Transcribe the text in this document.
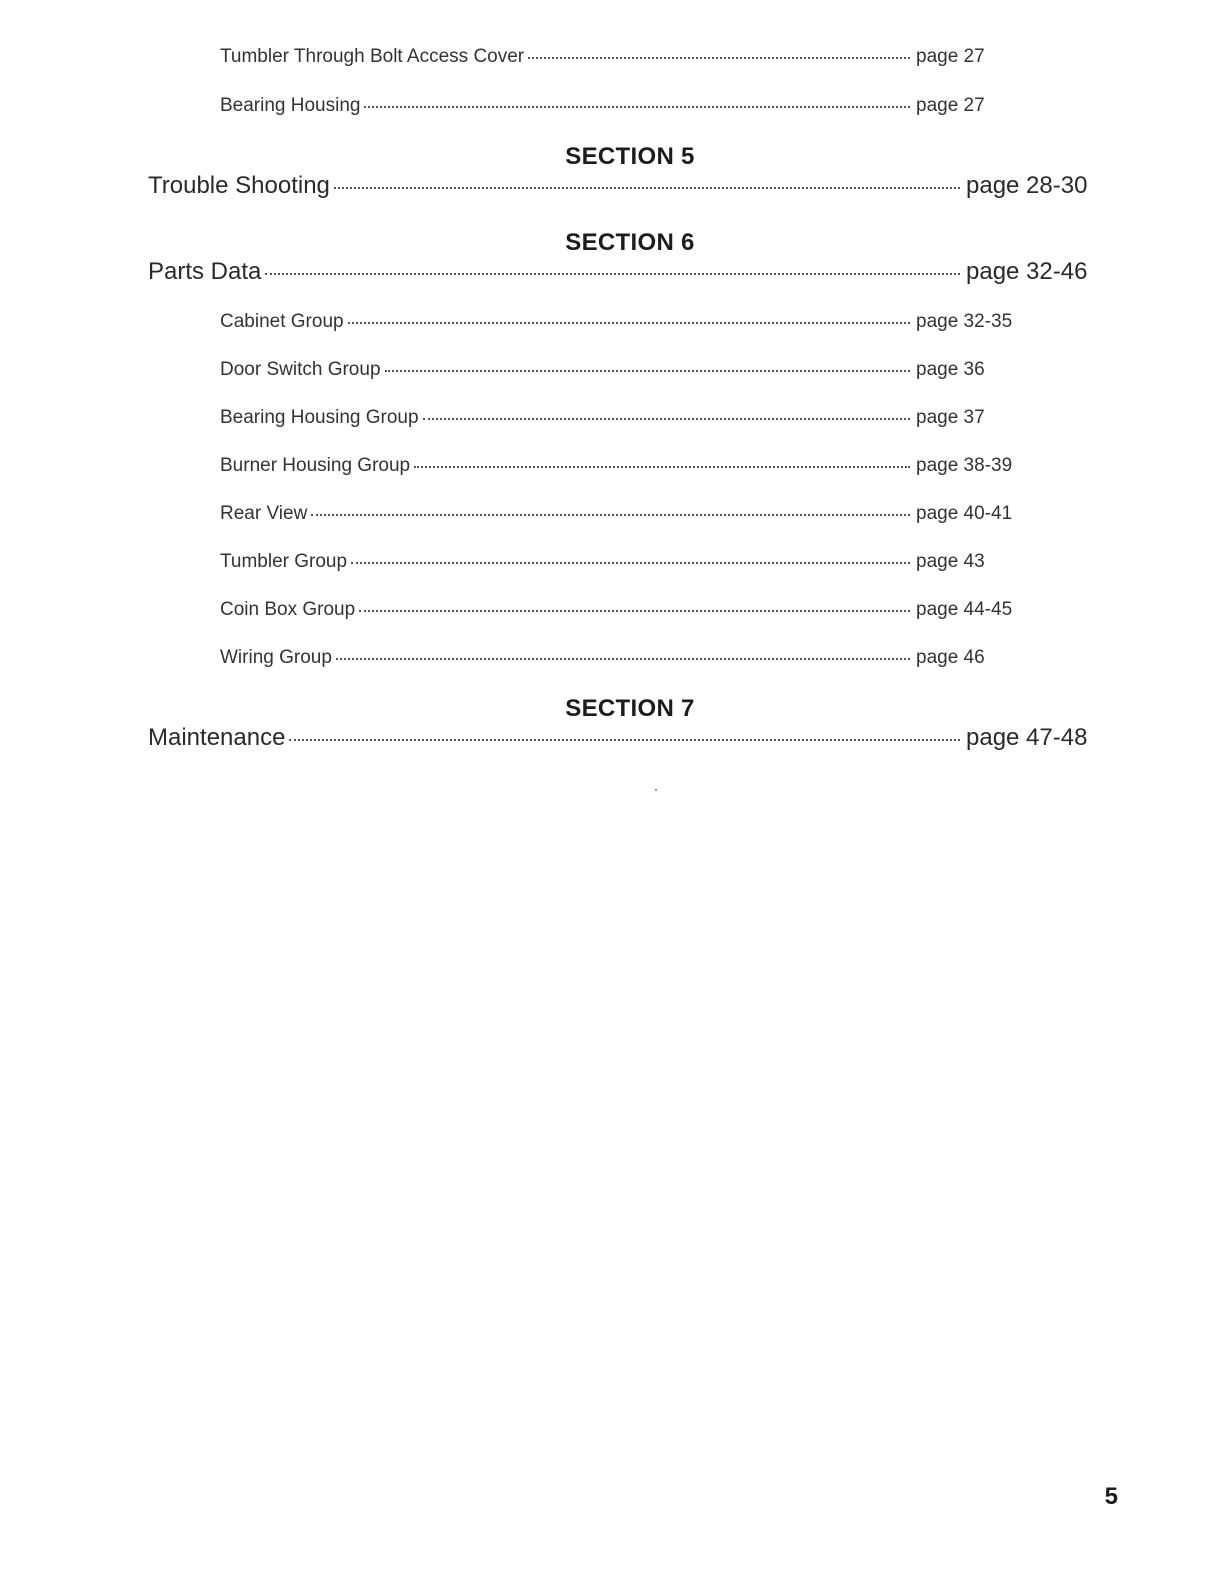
Tumbler Through Bolt Access Cover	page 27
Bearing Housing	page 27
SECTION 5
Trouble Shooting	page 28-30
SECTION 6
Parts Data	page 32-46
Cabinet Group	page 32-35
Door Switch Group	page 36
Bearing Housing Group	page 37
Burner Housing Group	page 38-39
Rear View	page 40-41
Tumbler Group	page 43
Coin Box Group	page 44-45
Wiring Group	page 46
SECTION 7
Maintenance	page 47-48
5
